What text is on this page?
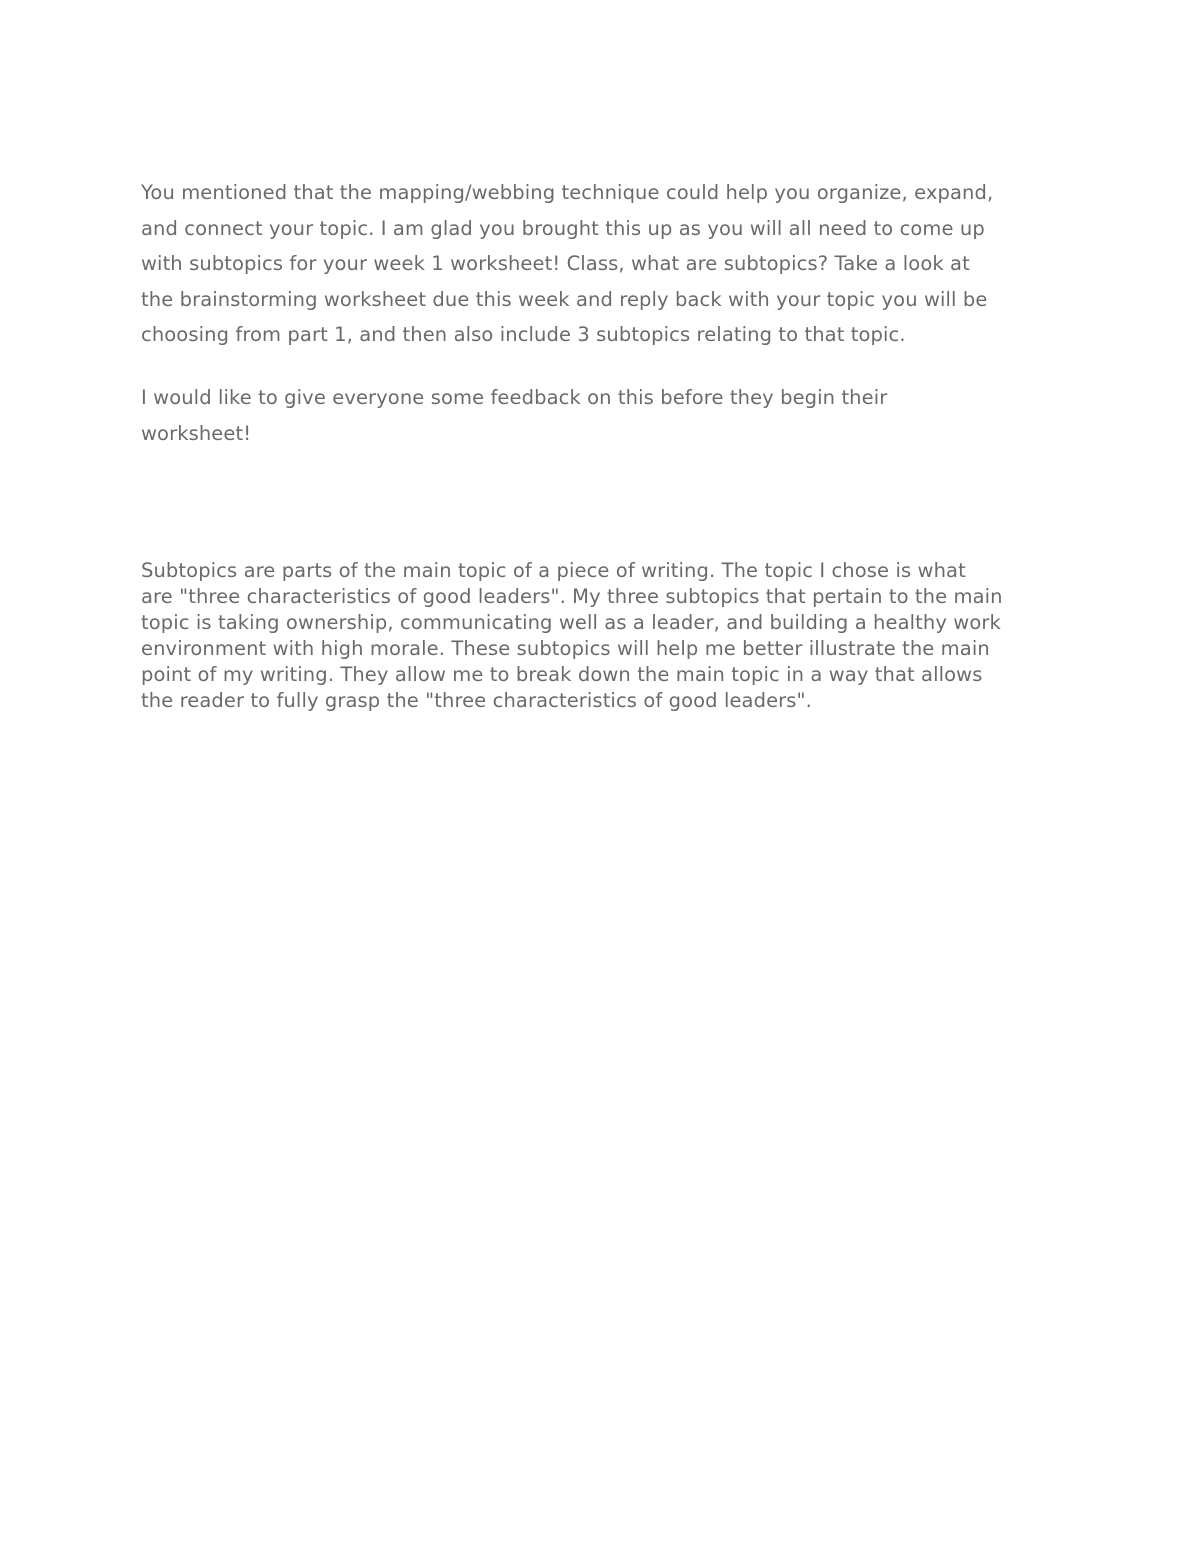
You mentioned that the mapping/webbing technique could help you organize, expand,
and connect your topic. I am glad you brought this up as you will all need to come up
with subtopics for your week 1 worksheet! Class, what are subtopics? Take a look at
the brainstorming worksheet due this week and reply back with your topic you will be
choosing from part 1, and then also include 3 subtopics relating to that topic.

I would like to give everyone some feedback on this before they begin their
worksheet!

Subtopics are parts of the main topic of a piece of writing. The topic I chose is what
are "three characteristics of good leaders". My three subtopics that pertain to the main
topic is taking ownership, communicating well as a leader, and building a healthy work
environment with high morale. These subtopics will help me better illustrate the main
point of my writing. They allow me to break down the main topic in a way that allows
the reader to fully grasp the "three characteristics of good leaders".
